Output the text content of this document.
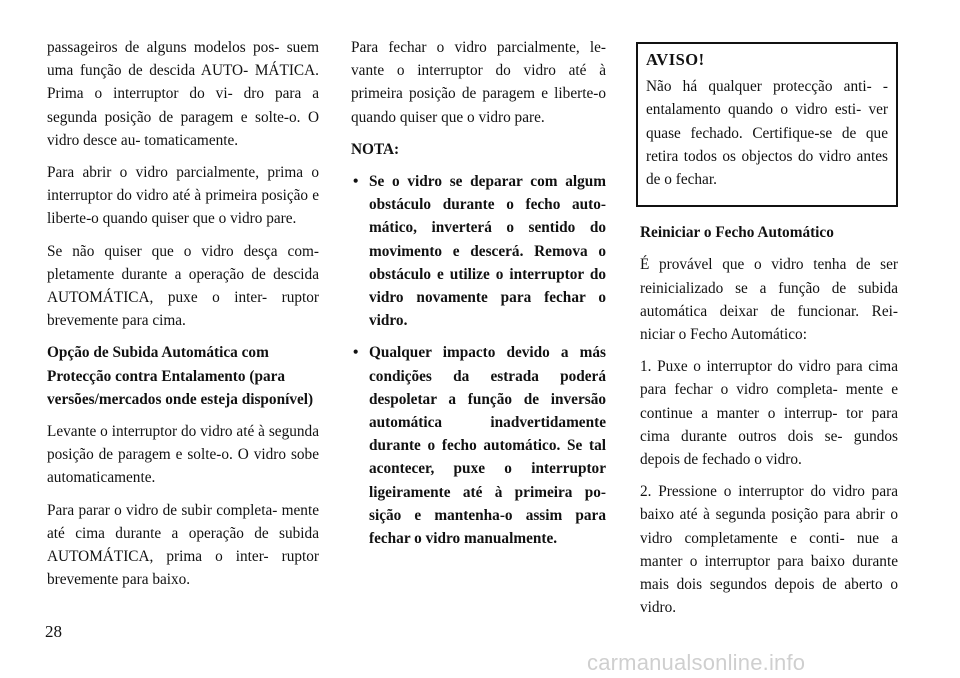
passageiros de alguns modelos pos- suem uma função de descida AUTO- MÁTICA. Prima o interruptor do vi- dro para a segunda posição de paragem e solte-o. O vidro desce au- tomaticamente.

Para abrir o vidro parcialmente, prima o interruptor do vidro até à primeira posição e liberte-o quando quiser que o vidro pare.

Se não quiser que o vidro desça com- pletamente durante a operação de descida AUTOMÁTICA, puxe o inter- ruptor brevemente para cima.

Opção de Subida Automática com Protecção contra Entalamento (para versões/mercados onde esteja disponível)

Levante o interruptor do vidro até à segunda posição de paragem e solte-o. O vidro sobe automaticamente.

Para parar o vidro de subir completa- mente até cima durante a operação de subida AUTOMÁTICA, prima o inter- ruptor brevemente para baixo.

Para fechar o vidro parcialmente, le- vante o interruptor do vidro até à primeira posição de paragem e liberte-o quando quiser que o vidro pare.

NOTA:

• Se o vidro se deparar com algum obstáculo durante o fecho auto- mático, inverterá o sentido do movimento e descerá. Remova o obstáculo e utilize o interruptor do vidro novamente para fechar o vidro.
• Qualquer impacto devido a más condições da estrada poderá despoletar a função de inversão automática inadvertidamente durante o fecho automático. Se tal acontecer, puxe o interruptor ligeiramente até à primeira po- sição e mantenha-o assim para fechar o vidro manualmente.
AVISO!

Não há qualquer protecção anti- -entalamento quando o vidro esti- ver quase fechado. Certifique-se de que retira todos os objectos do vidro antes de o fechar.

Reiniciar o Fecho Automático

É provável que o vidro tenha de ser reinicializado se a função de subida automática deixar de funcionar. Rei- niciar o Fecho Automático:

1. Puxe o interruptor do vidro para cima para fechar o vidro completa- mente e continue a manter o interrup- tor para cima durante outros dois se- gundos depois de fechado o vidro.

2. Pressione o interruptor do vidro para baixo até à segunda posição para abrir o vidro completamente e conti- nue a manter o interruptor para baixo durante mais dois segundos depois de aberto o vidro.

28
carmanualsonline.info
